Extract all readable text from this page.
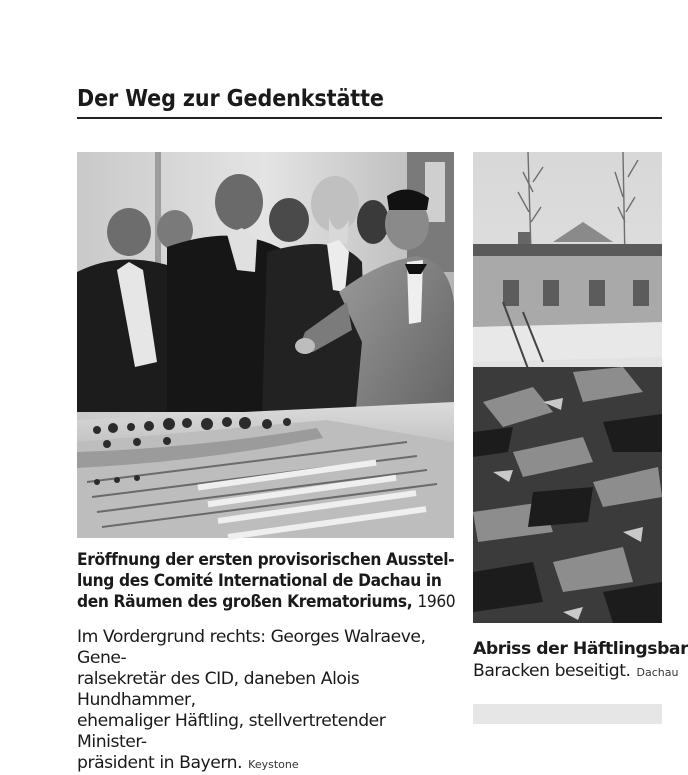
Der Weg zur Gedenkstätte

Eröffnung der ersten provisorischen Ausstel-
lung des Comité International de Dachau in
den Räumen des großen Krematoriums, 1960

Im Vordergrund rechts: Georges Walraeve, Gene-
ralsekretär des CID, daneben Alois Hundhammer,
ehemaliger Häftling, stellvertretender Minister-
präsident in Bayern. Keystone

Abriss der Häftlingsbar
Baracken beseitigt. Dachau
